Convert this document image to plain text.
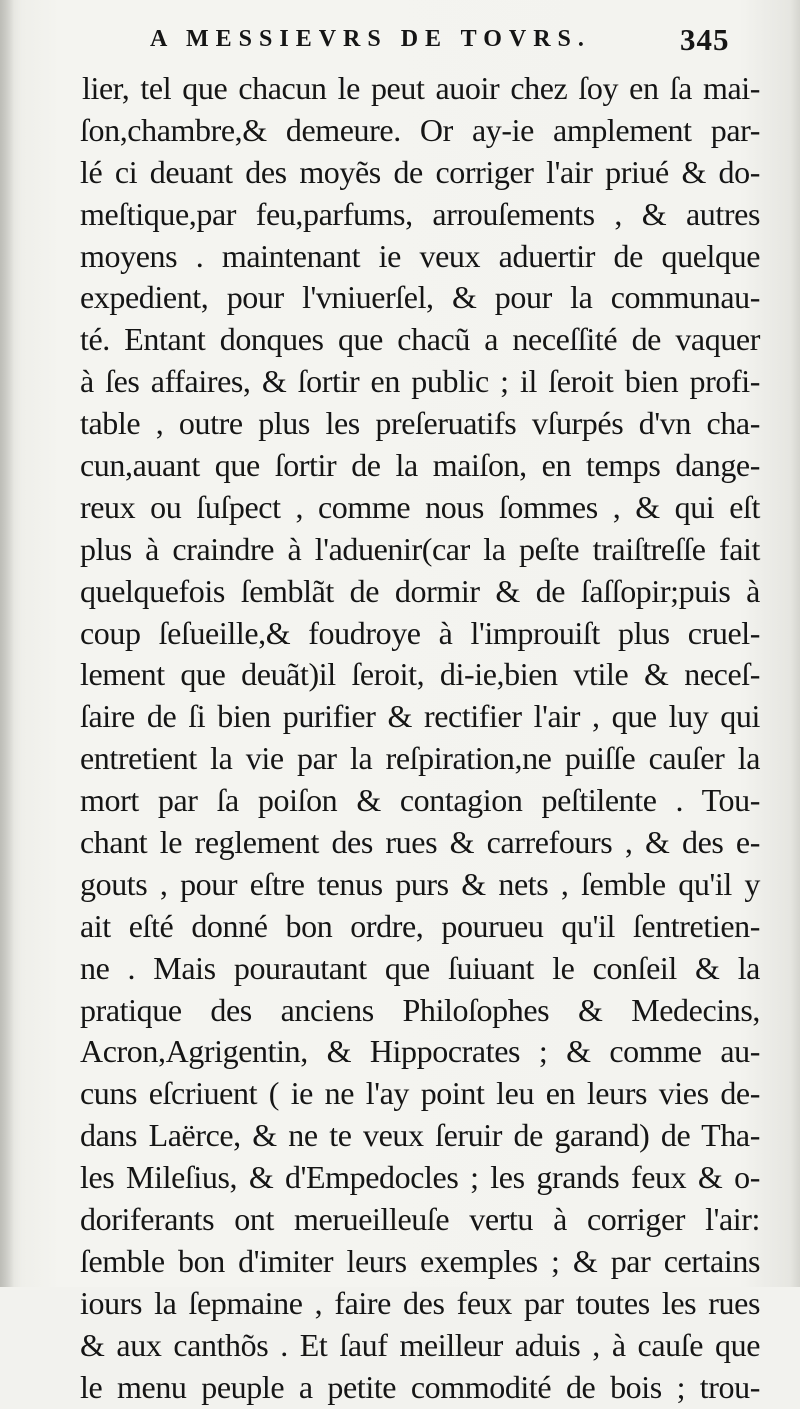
A MESSIEVRS DE TOVRS.	345
lier, tel que chacun le peut auoir chez ſoy en ſa mai-
ſon,chambre,& demeure. Or ay-ie amplement par-
lé ci deuant des moyẽs de corriger l'air priué & do-
meſtique,par feu,parfums, arrouſements , & autres
moyens . maintenant ie veux aduertir de quelque
expedient, pour l'vniuerſel, & pour la communau-
té. Entant donques que chacũ a neceſſité de vaquer
à ſes affaires, & ſortir en public ; il ſeroit bien profi-
table , outre plus les preſeruatifs vſurpés d'vn cha-
cun,auant que ſortir de la maiſon, en temps dange-
reux ou ſuſpect , comme nous ſommes , & qui eſt
plus à craindre à l'aduenir(car la peſte traiſtreſſe fait
quelquefois ſemblãt de dormir & de ſaſſopir;puis à
coup ſeſueille,& foudroye à l'improuiſt plus cruel-
lement que deuãt)il ſeroit, di-ie,bien vtile & neceſ-
ſaire de ſi bien purifier & rectifier l'air , que luy qui
entretient la vie par la reſpiration,ne puiſſe cauſer la
mort par ſa poiſon & contagion peſtilente . Tou-
chant le reglement des rues & carrefours , & des e-
gouts , pour eſtre tenus purs & nets , ſemble qu'il y
ait eſté donné bon ordre, pourueu qu'il ſentretien-
ne . Mais pourautant que ſuiuant le conſeil & la
pratique des anciens Philoſophes & Medecins,
Acron,Agrigentin, & Hippocrates ; & comme au-
cuns eſcriuent ( ie ne l'ay point leu en leurs vies de-
dans Laërce, & ne te veux ſeruir de garand) de Tha-
les Mileſius, & d'Empedocles ; les grands feux & o-
doriferants ont merueilleuſe vertu à corriger l'air:
ſemble bon d'imiter leurs exemples ; & par certains
iours la ſepmaine , faire des feux par toutes les rues
& aux canthõs . Et ſauf meilleur aduis , à cauſe que
le menu peuple a petite commodité de bois ; trou-
